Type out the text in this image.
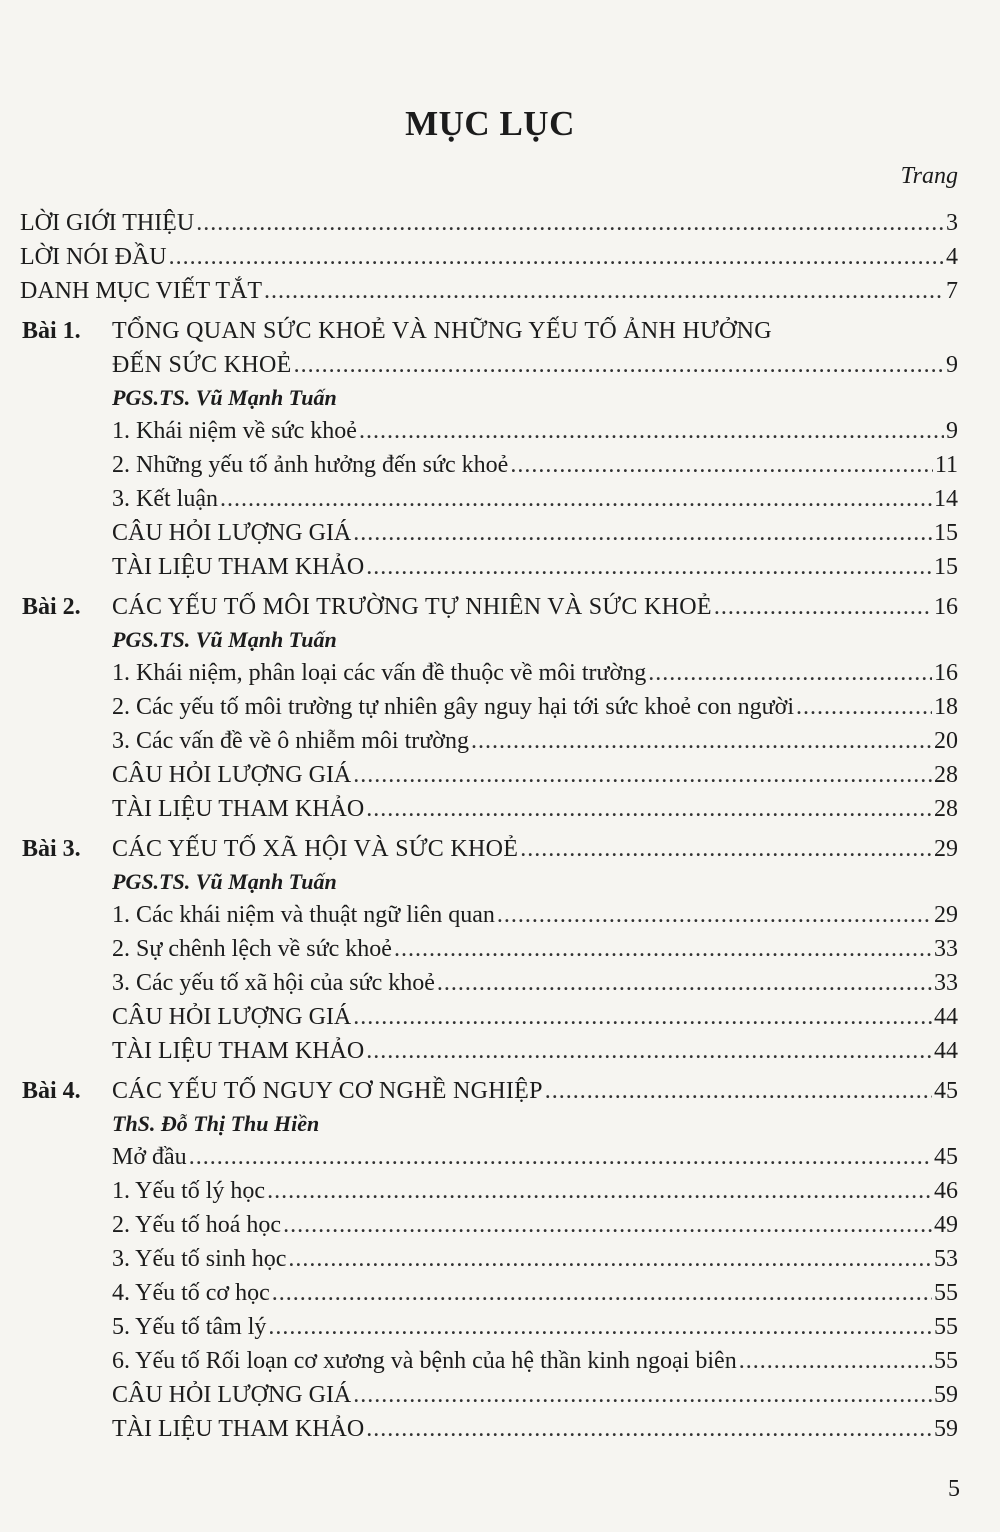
MỤC LỤC
Trang
LỜI GIỚI THIỆU .....	3
LỜI NÓI ĐẦU .....	4
DANH MỤC VIẾT TẮT .....	7
Bài 1. TỔNG QUAN SỨC KHOẺ VÀ NHỮNG YẾU TỐ ẢNH HƯỞNG
ĐẾN SỨC KHOẺ .....	9
PGS.TS. Vũ Mạnh Tuấn
1. Khái niệm về sức khoẻ .....	9
2. Những yếu tố ảnh hưởng đến sức khoẻ .....	11
3. Kết luận .....	14
CÂU HỎI LƯỢNG GIÁ .....	15
TÀI LIỆU THAM KHẢO .....	15
Bài 2. CÁC YẾU TỐ MÔI TRƯỜNG TỰ NHIÊN VÀ SỨC KHOẺ .....	16
PGS.TS. Vũ Mạnh Tuấn
1. Khái niệm, phân loại các vấn đề thuộc về môi trường .....	16
2. Các yếu tố môi trường tự nhiên gây nguy hại tới sức khoẻ con người .....	18
3. Các vấn đề về ô nhiễm môi trường .....	20
CÂU HỎI LƯỢNG GIÁ .....	28
TÀI LIỆU THAM KHẢO .....	28
Bài 3. CÁC YẾU TỐ XÃ HỘI VÀ SỨC KHOẺ .....	29
PGS.TS. Vũ Mạnh Tuấn
1. Các khái niệm và thuật ngữ liên quan .....	29
2. Sự chênh lệch về sức khoẻ .....	33
3. Các yếu tố xã hội của sức khoẻ .....	33
CÂU HỎI LƯỢNG GIÁ .....	44
TÀI LIỆU THAM KHẢO .....	44
Bài 4. CÁC YẾU TỐ NGUY CƠ NGHỀ NGHIỆP .....	45
ThS. Đỗ Thị Thu Hiền
Mở đầu .....	45
1. Yếu tố lý học .....	46
2. Yếu tố hoá học .....	49
3. Yếu tố sinh học .....	53
4. Yếu tố cơ học .....	55
5. Yếu tố tâm lý .....	55
6. Yếu tố Rối loạn cơ xương và bệnh của hệ thần kinh ngoại biên .....	55
CÂU HỎI LƯỢNG GIÁ .....	59
TÀI LIỆU THAM KHẢO .....	59
5
